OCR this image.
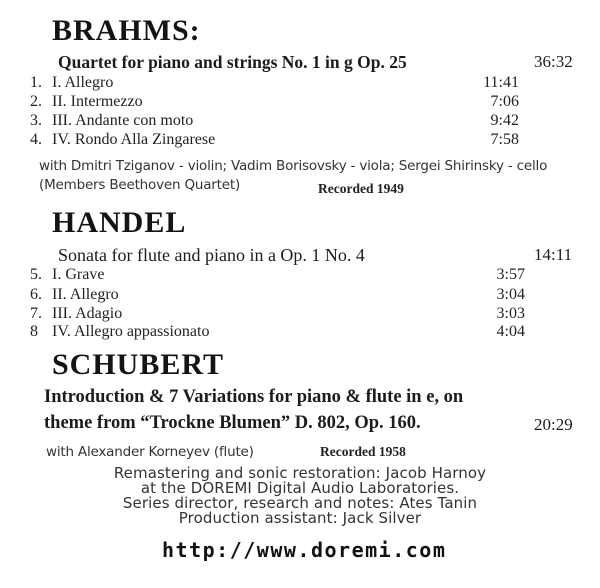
BRAHMS:
Quartet for piano and strings No. 1 in g Op. 25	36:32
1. I. Allegro	11:41
2. II. Intermezzo	7:06
3. III. Andante con moto	9:42
4. IV. Rondo Alla Zingarese	7:58
with Dmitri Tziganov - violin; Vadim Borisovsky - viola; Sergei Shirinsky - cello
(Members Beethoven Quartet)	Recorded 1949
HANDEL
Sonata for flute and piano in a Op. 1 No. 4	14:11
5. I. Grave	3:57
6. II. Allegro	3:04
7. III. Adagio	3:03
8 IV. Allegro appassionato	4:04
SCHUBERT
Introduction & 7 Variations for piano & flute in e, on
theme from “Trockne Blumen” D. 802, Op. 160.	20:29
with Alexander Korneyev (flute)	Recorded 1958
Remastering and sonic restoration: Jacob Harnoy
at the DOREMI Digital Audio Laboratories.
Series director, research and notes: Ates Tanin
Production assistant: Jack Silver
http://www.doremi.com
